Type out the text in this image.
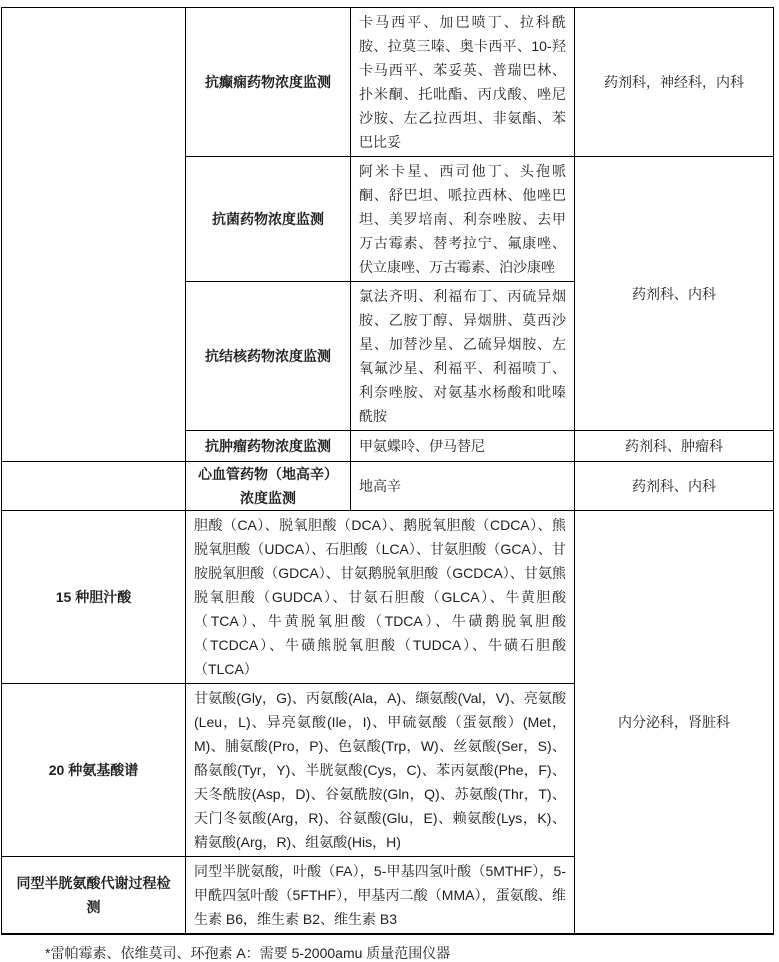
	抗癫痫药物浓度监测	卡马西平、加巴喷丁、拉科酰胺、拉莫三嗪、奥卡西平、10-羟卡马西平、苯妥英、普瑞巴林、扑米酮、托吡酯、丙戊酸、唑尼沙胺、左乙拉西坦、非氨酯、苯巴比妥	药剂科，神经科，内科
	抗菌药物浓度监测	阿米卡星、西司他丁、头孢哌酮、舒巴坦、哌拉西林、他唑巴坦、美罗培南、利奈唑胺、去甲万古霉素、替考拉宁、氟康唑、伏立康唑、万古霉素、泊沙康唑	药剂科、内科
	抗结核药物浓度监测	氯法齐明、利福布丁、丙硫异烟胺、乙胺丁醇、异烟肼、莫西沙星、加替沙星、乙硫异烟胺、左氧氟沙星、利福平、利福喷丁、利奈唑胺、对氨基水杨酸和吡嗪酰胺	
	抗肿瘤药物浓度监测	甲氨蝶呤、伊马替尼	药剂科、肿瘤科
	心血管药物（地高辛）浓度监测	地高辛	药剂科、内科
15 种胆汁酸	胆酸（CA）、脱氧胆酸（DCA）、鹅脱氧胆酸（CDCA）、熊脱氧胆酸（UDCA）、石胆酸（LCA）、甘氨胆酸（GCA）、甘胺脱氧胆酸（GDCA）、甘氨鹅脱氧胆酸（GCDCA）、甘氨熊脱氧胆酸（GUDCA）、甘氨石胆酸（GLCA）、牛黄胆酸（TCA）、牛黄脱氧胆酸（TDCA）、牛磺鹅脱氧胆酸（TCDCA）、牛磺熊脱氧胆酸（TUDCA）、牛磺石胆酸（TLCA）		内分泌科，肾脏科
20 种氨基酸谱	甘氨酸(Gly，G)、丙氨酸(Ala，A)、缬氨酸(Val，V)、亮氨酸(Leu，L)、异亮氨酸(Ile，I)、甲硫氨酸（蛋氨酸）(Met，M)、脯氨酸(Pro，P)、色氨酸(Trp，W)、丝氨酸(Ser，S)、酪氨酸(Tyr，Y)、半胱氨酸(Cys，C)、苯丙氨酸(Phe，F)、天冬酰胺(Asp，D)、谷氨酰胺(Gln，Q)、苏氨酸(Thr，T)、天门冬氨酸(Arg，R)、谷氨酸(Glu，E)、赖氨酸(Lys，K)、精氨酸(Arg，R)、组氨酸(His，H)		
同型半胱氨酸代谢过程检测	同型半胱氨酸，叶酸（FA），5-甲基四氢叶酸（5MTHF），5-甲酰四氢叶酸（5FTHF），甲基丙二酸（MMA），蛋氨酸、维生素 B6，维生素 B2、维生素 B3		
*雷帕霉素、依维莫司、环孢素 A：需要 5-2000amu 质量范围仪器
